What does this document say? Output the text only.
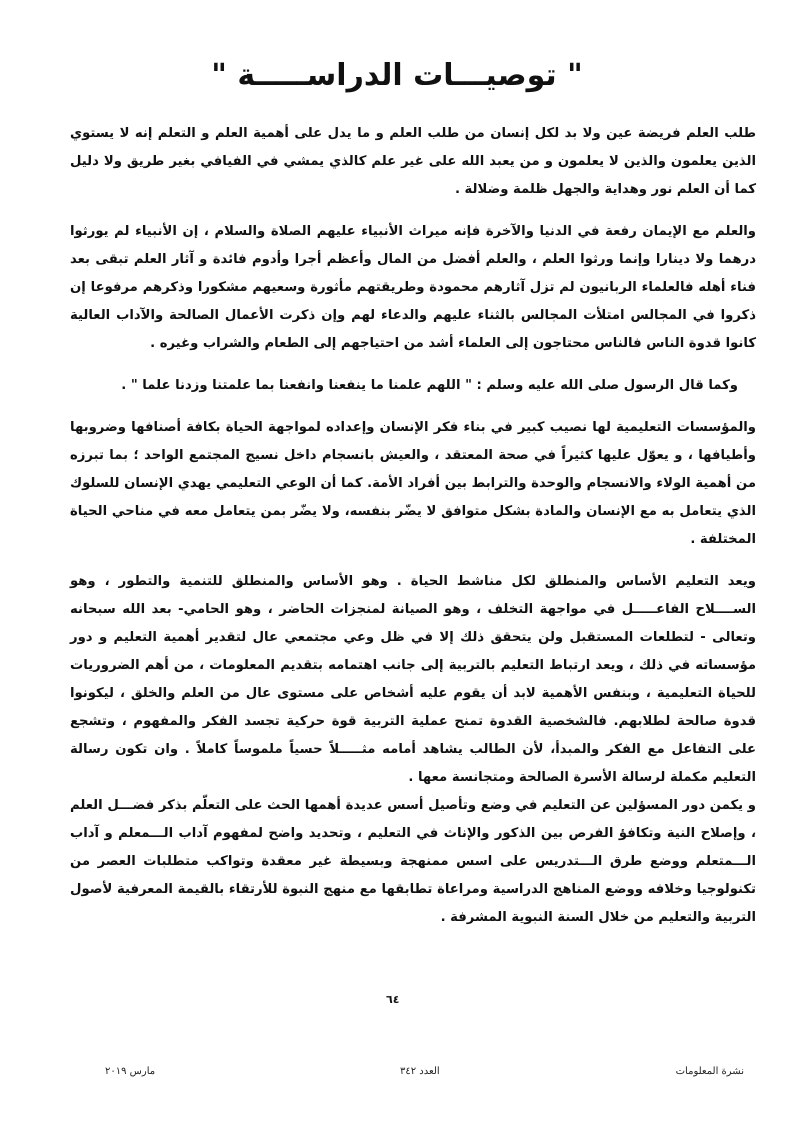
" توصيـــات الدراســـــة "

طلب العلم فريضة عين ولا بد لكل إنسان من طلب العلم و ما يدل على أهمية العلم و التعلم إنه لا يستوي الذين يعلمون والذين لا يعلمون و من يعبد الله على غير علم كالذي يمشي في الفيافي بغير طريق ولا دليل كما أن العلم نور وهداية والجهل ظلمة وضلالة .

والعلم مع الإيمان رفعة في الدنيا والآخرة فإنه ميراث الأنبياء عليهم الصلاة والسلام ، إن الأنبياء لم يورثوا درهما ولا دينارا وإنما ورثوا العلم ، والعلم أفضل من المال وأعظم أجرا وأدوم فائدة و آثار العلم تبقى بعد فناء أهله فالعلماء الربانيون لم تزل آثارهم محمودة وطريقتهم مأثورة وسعيهم مشكورا وذكرهم مرفوعا إن ذكروا في المجالس امتلأت المجالس بالثناء عليهم والدعاء لهم وإن ذكرت الأعمال الصالحة والآداب العالية كانوا قدوة الناس فالناس محتاجون إلى العلماء أشد من احتياجهم إلى الطعام والشراب وغيره .

وكما قال الرسول صلى الله عليه وسلم : " اللهم علمنا ما ينفعنا وانفعنا بما علمتنا وزدنا علما " .

والمؤسسات التعليمية لها نصيب كبير في بناء فكر الإنسان وإعداده لمواجهة الحياة بكافة أصنافها وضروبها وأطيافها ، و يعوّل عليها كثيراً في صحة المعتقد ، والعيش بانسجام داخل نسيج المجتمع الواحد ؛ بما تبرزه من أهمية الولاء والانسجام والوحدة والترابط بين أفراد الأمة. كما أن الوعي التعليمي يهدي الإنسان للسلوك الذي يتعامل به مع الإنسان والمادة بشكل متوافق لا يضّر بنفسه، ولا يضّر بمن يتعامل معه في مناحي الحياة المختلفة .

ويعد التعليم الأساس والمنطلق لكل مناشط الحياة . وهو الأساس والمنطلق للتنمية والتطور ، وهو الســــلاح الفاعـــــل في مواجهة التخلف ، وهو الصيانة لمنجزات الحاضر ، وهو الحامي- بعد الله سبحانه وتعالى - لتطلعات المستقبل ولن يتحقق ذلك إلا في ظل وعي مجتمعي عال لتقدير أهمية التعليم و دور مؤسساته في ذلك ، ويعد ارتباط التعليم بالتربية إلى جانب اهتمامه بتقديم المعلومات ، من أهم الضروريات للحياة التعليمية ، وبنفس الأهمية لابد أن يقوم عليه أشخاص على مستوى عال من العلم والخلق ، ليكونوا قدوة صالحة لطلابهم. فالشخصية القدوة تمنح عملية التربية قوة حركية تجسد الفكر والمفهوم ، وتشجع على التفاعل مع الفكر والمبدأ، لأن الطالب يشاهد أمامه مثـــــلاً حسياً ملموساً كاملاً . وان تكون رسالة التعليم مكملة لرسالة الأسرة الصالحة ومتجانسة معها .

و يكمن دور المسؤلين عن التعليم في وضع وتأصيل أسس عديدة أهمها الحث على التعلّم بذكر فضـــل العلم ، وإصلاح النية وتكافؤ الفرص بين الذكور والإناث في التعليم ، وتحديد واضح لمفهوم آداب الـــمعلم و آداب الـــمتعلم ووضع طرق الـــتدريس على اسس ممنهجة وبسيطة غير معقدة وتواكب متطلبات العصر من تكنولوجيا وخلافه ووضع المناهج الدراسية ومراعاة تطابقها مع منهج النبوة للأرتقاء بالقيمة المعرفية لأصول التربية والتعليم من خلال السنة النبوية المشرفة .

٦٤
نشرة المعلومات
العدد ٣٤٢
مارس ٢٠١٩
